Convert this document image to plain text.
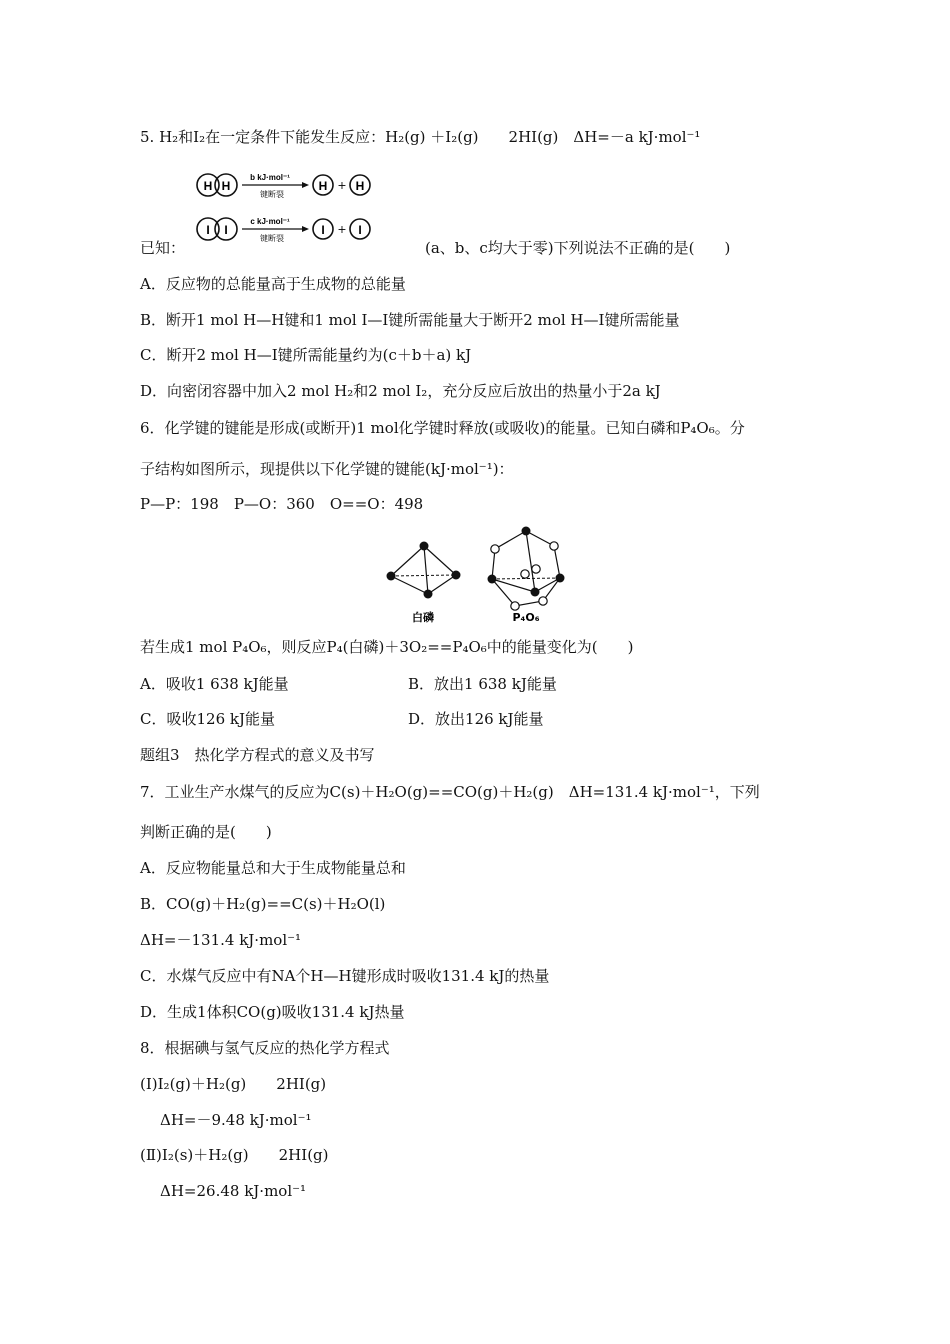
5. H₂和I₂在一定条件下能发生反应：H₂(g) ＋I₂(g)　　2HI(g)　ΔH=－a kJ·mol⁻¹
H H
b kJ·mol⁻¹
键断裂
H + H
I I
c kJ·mol⁻¹
键断裂
I + I
已知：	(a、b、c均大于零)下列说法不正确的是(　　)
A．反应物的总能量高于生成物的总能量
B．断开1 mol H—H键和1 mol I—I键所需能量大于断开2 mol H—I键所需能量
C．断开2 mol H—I键所需能量约为(c＋b＋a) kJ
D．向密闭容器中加入2 mol H₂和2 mol I₂，充分反应后放出的热量小于2a kJ
6．化学键的键能是形成(或断开)1 mol化学键时释放(或吸收)的能量。已知白磷和P₄O₆。分
子结构如图所示，现提供以下化学键的键能(kJ·mol⁻¹)：
P—P：198　P—O：360　O==O：498
白磷	P₄O₆
若生成1 mol P₄O₆，则反应P₄(白磷)＋3O₂==P₄O₆中的能量变化为(　　)
A．吸收1 638 kJ能量	B．放出1 638 kJ能量
C．吸收126 kJ能量	D．放出126 kJ能量
题组3　热化学方程式的意义及书写
7．工业生产水煤气的反应为C(s)＋H₂O(g)==CO(g)＋H₂(g)　ΔH=131.4 kJ·mol⁻¹，下列
判断正确的是(　　)
A．反应物能量总和大于生成物能量总和
B．CO(g)＋H₂(g)==C(s)＋H₂O(l)
ΔH=－131.4 kJ·mol⁻¹
C．水煤气反应中有NA个H—H键形成时吸收131.4 kJ的热量
D．生成1体积CO(g)吸收131.4 kJ热量
8．根据碘与氢气反应的热化学方程式
(Ⅰ)I₂(g)＋H₂(g)　　2HI(g)
ΔH=－9.48 kJ·mol⁻¹
(Ⅱ)I₂(s)＋H₂(g)　　2HI(g)
ΔH=26.48 kJ·mol⁻¹
